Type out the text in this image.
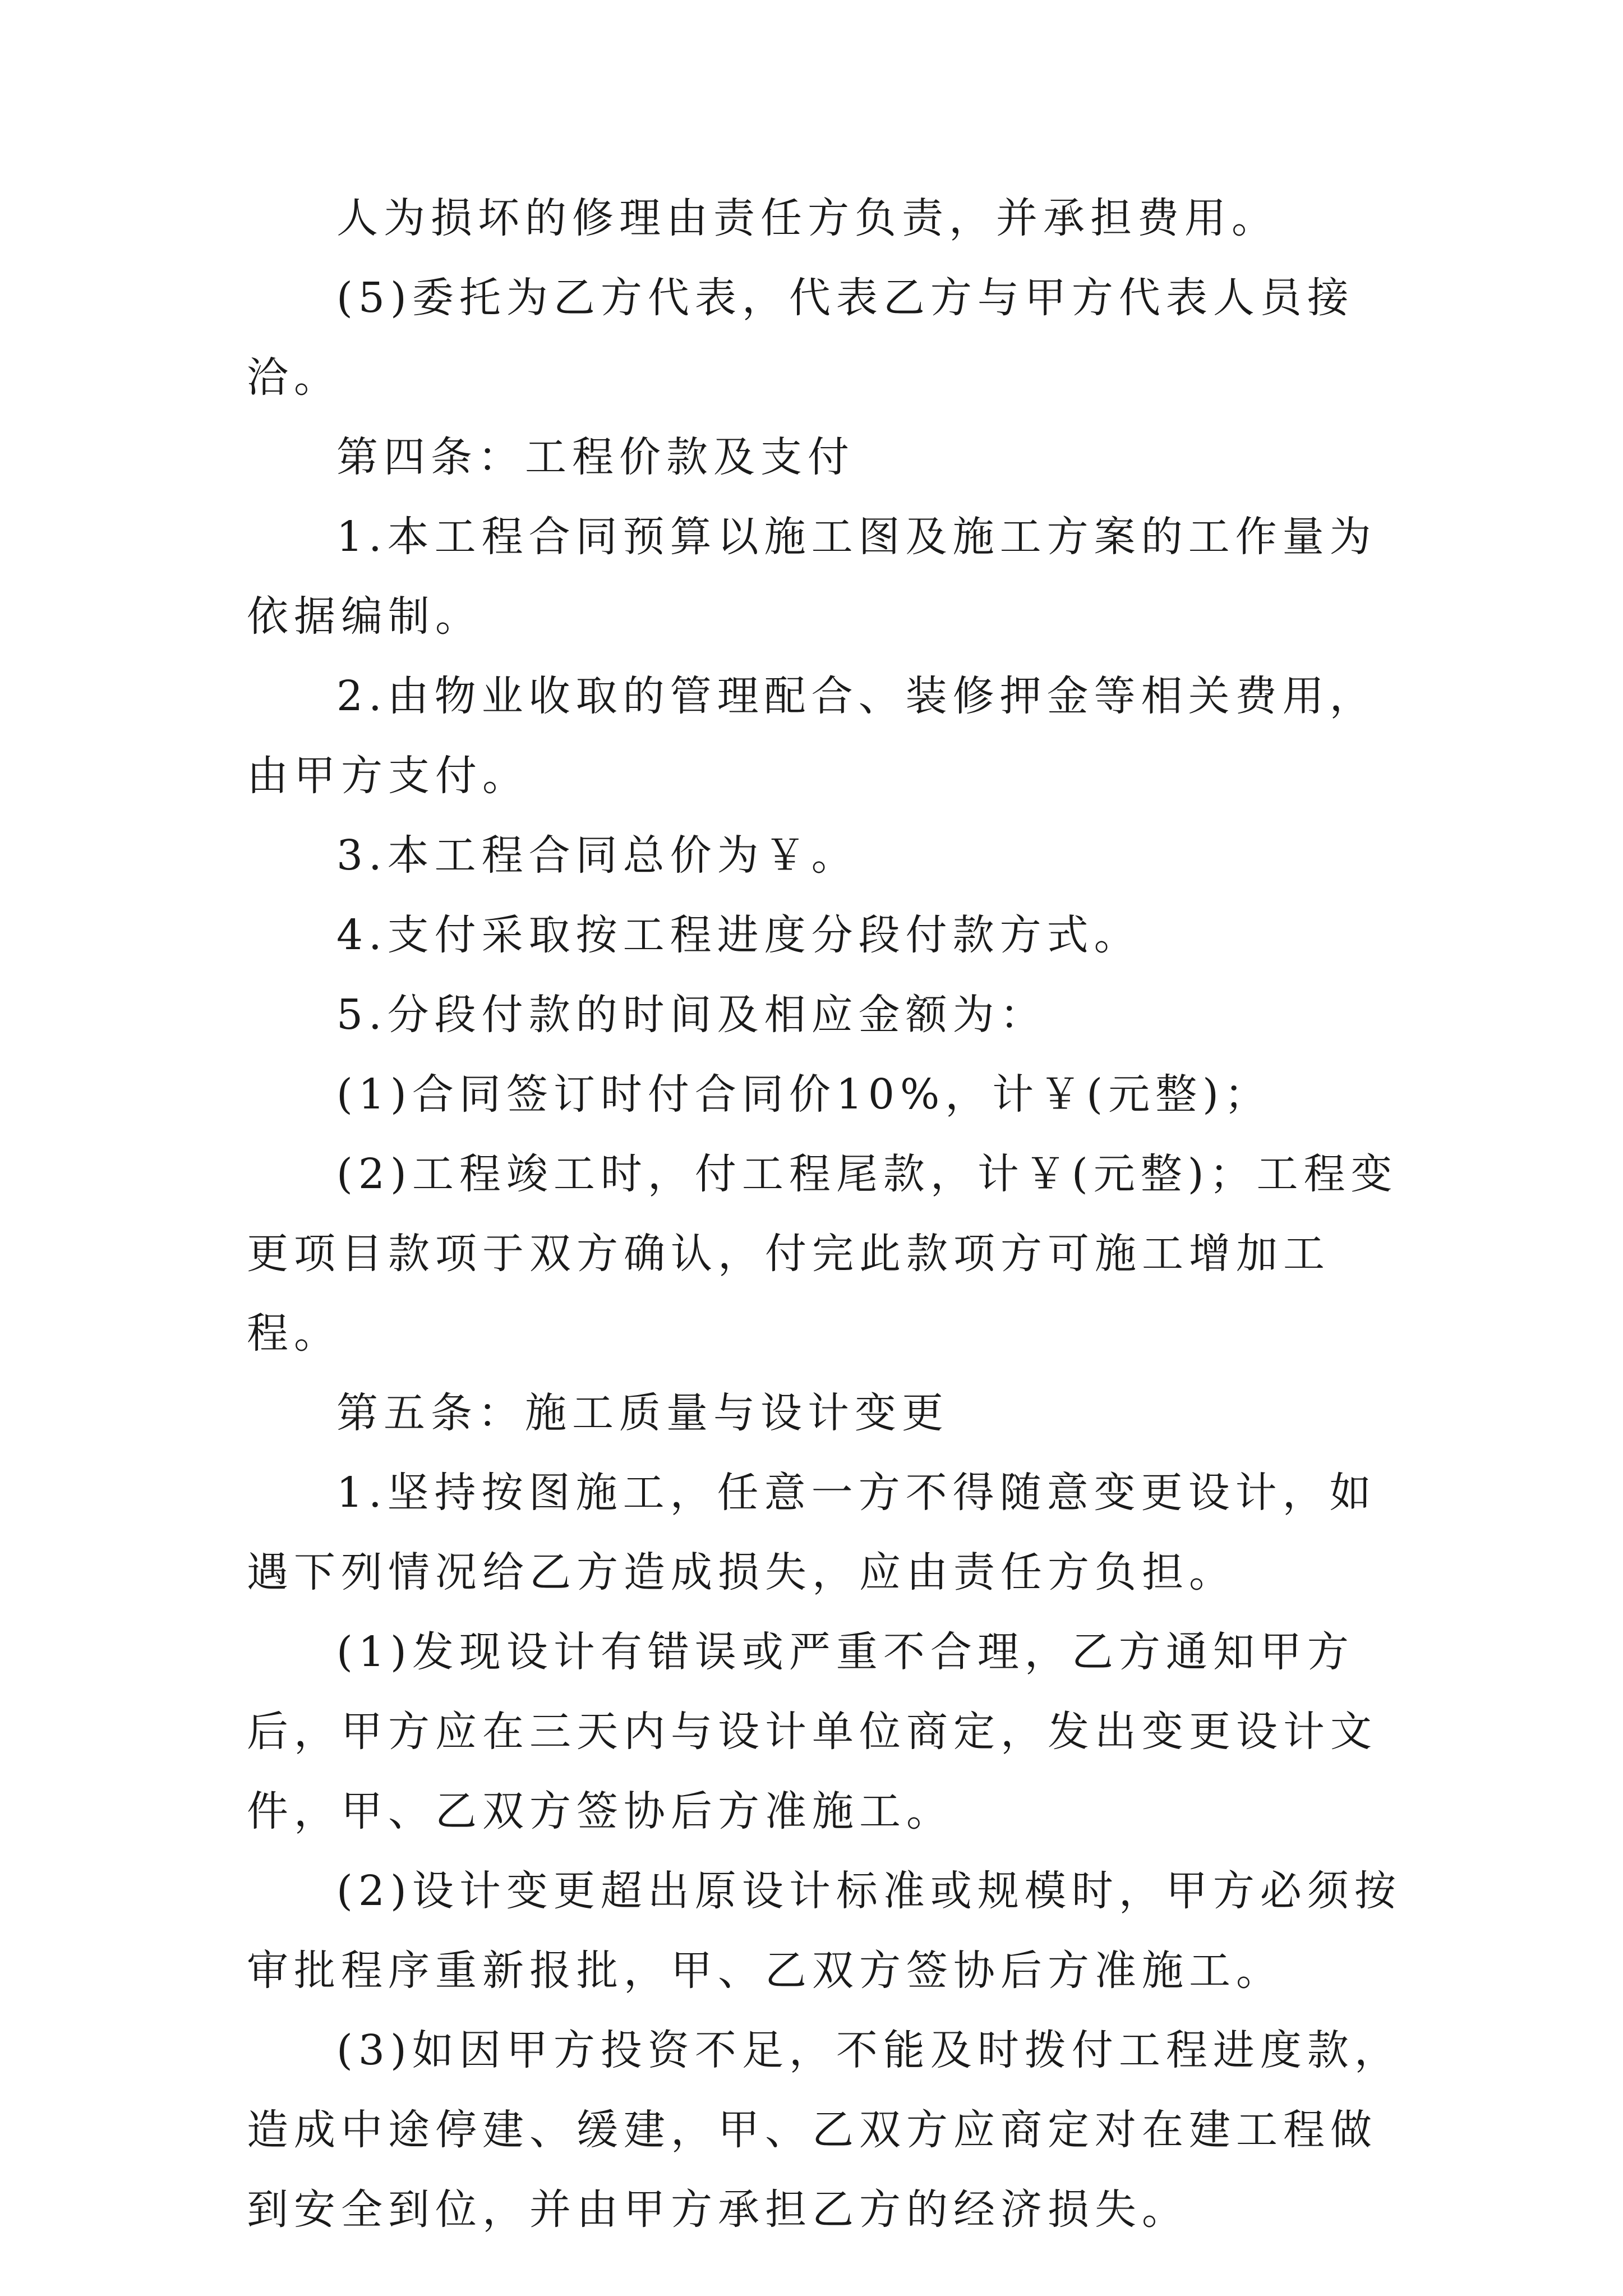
人为损坏的修理由责任方负责，并承担费用。

(5)委托为乙方代表，代表乙方与甲方代表人员接洽。

第四条：工程价款及支付

1.本工程合同预算以施工图及施工方案的工作量为依据编制。

2.由物业收取的管理配合、装修押金等相关费用，由甲方支付。

3.本工程合同总价为￥。

4.支付采取按工程进度分段付款方式。

5.分段付款的时间及相应金额为：

(1)合同签订时付合同价10%，计￥(元整)；

(2)工程竣工时，付工程尾款，计￥(元整)；工程变更项目款项于双方确认，付完此款项方可施工增加工程。

第五条：施工质量与设计变更

1.坚持按图施工，任意一方不得随意变更设计，如遇下列情况给乙方造成损失，应由责任方负担。

(1)发现设计有错误或严重不合理，乙方通知甲方后，甲方应在三天内与设计单位商定，发出变更设计文件，甲、乙双方签协后方准施工。

(2)设计变更超出原设计标准或规模时，甲方必须按审批程序重新报批，甲、乙双方签协后方准施工。

(3)如因甲方投资不足，不能及时拨付工程进度款，造成中途停建、缓建，甲、乙双方应商定对在建工程做到安全到位，并由甲方承担乙方的经济损失。
